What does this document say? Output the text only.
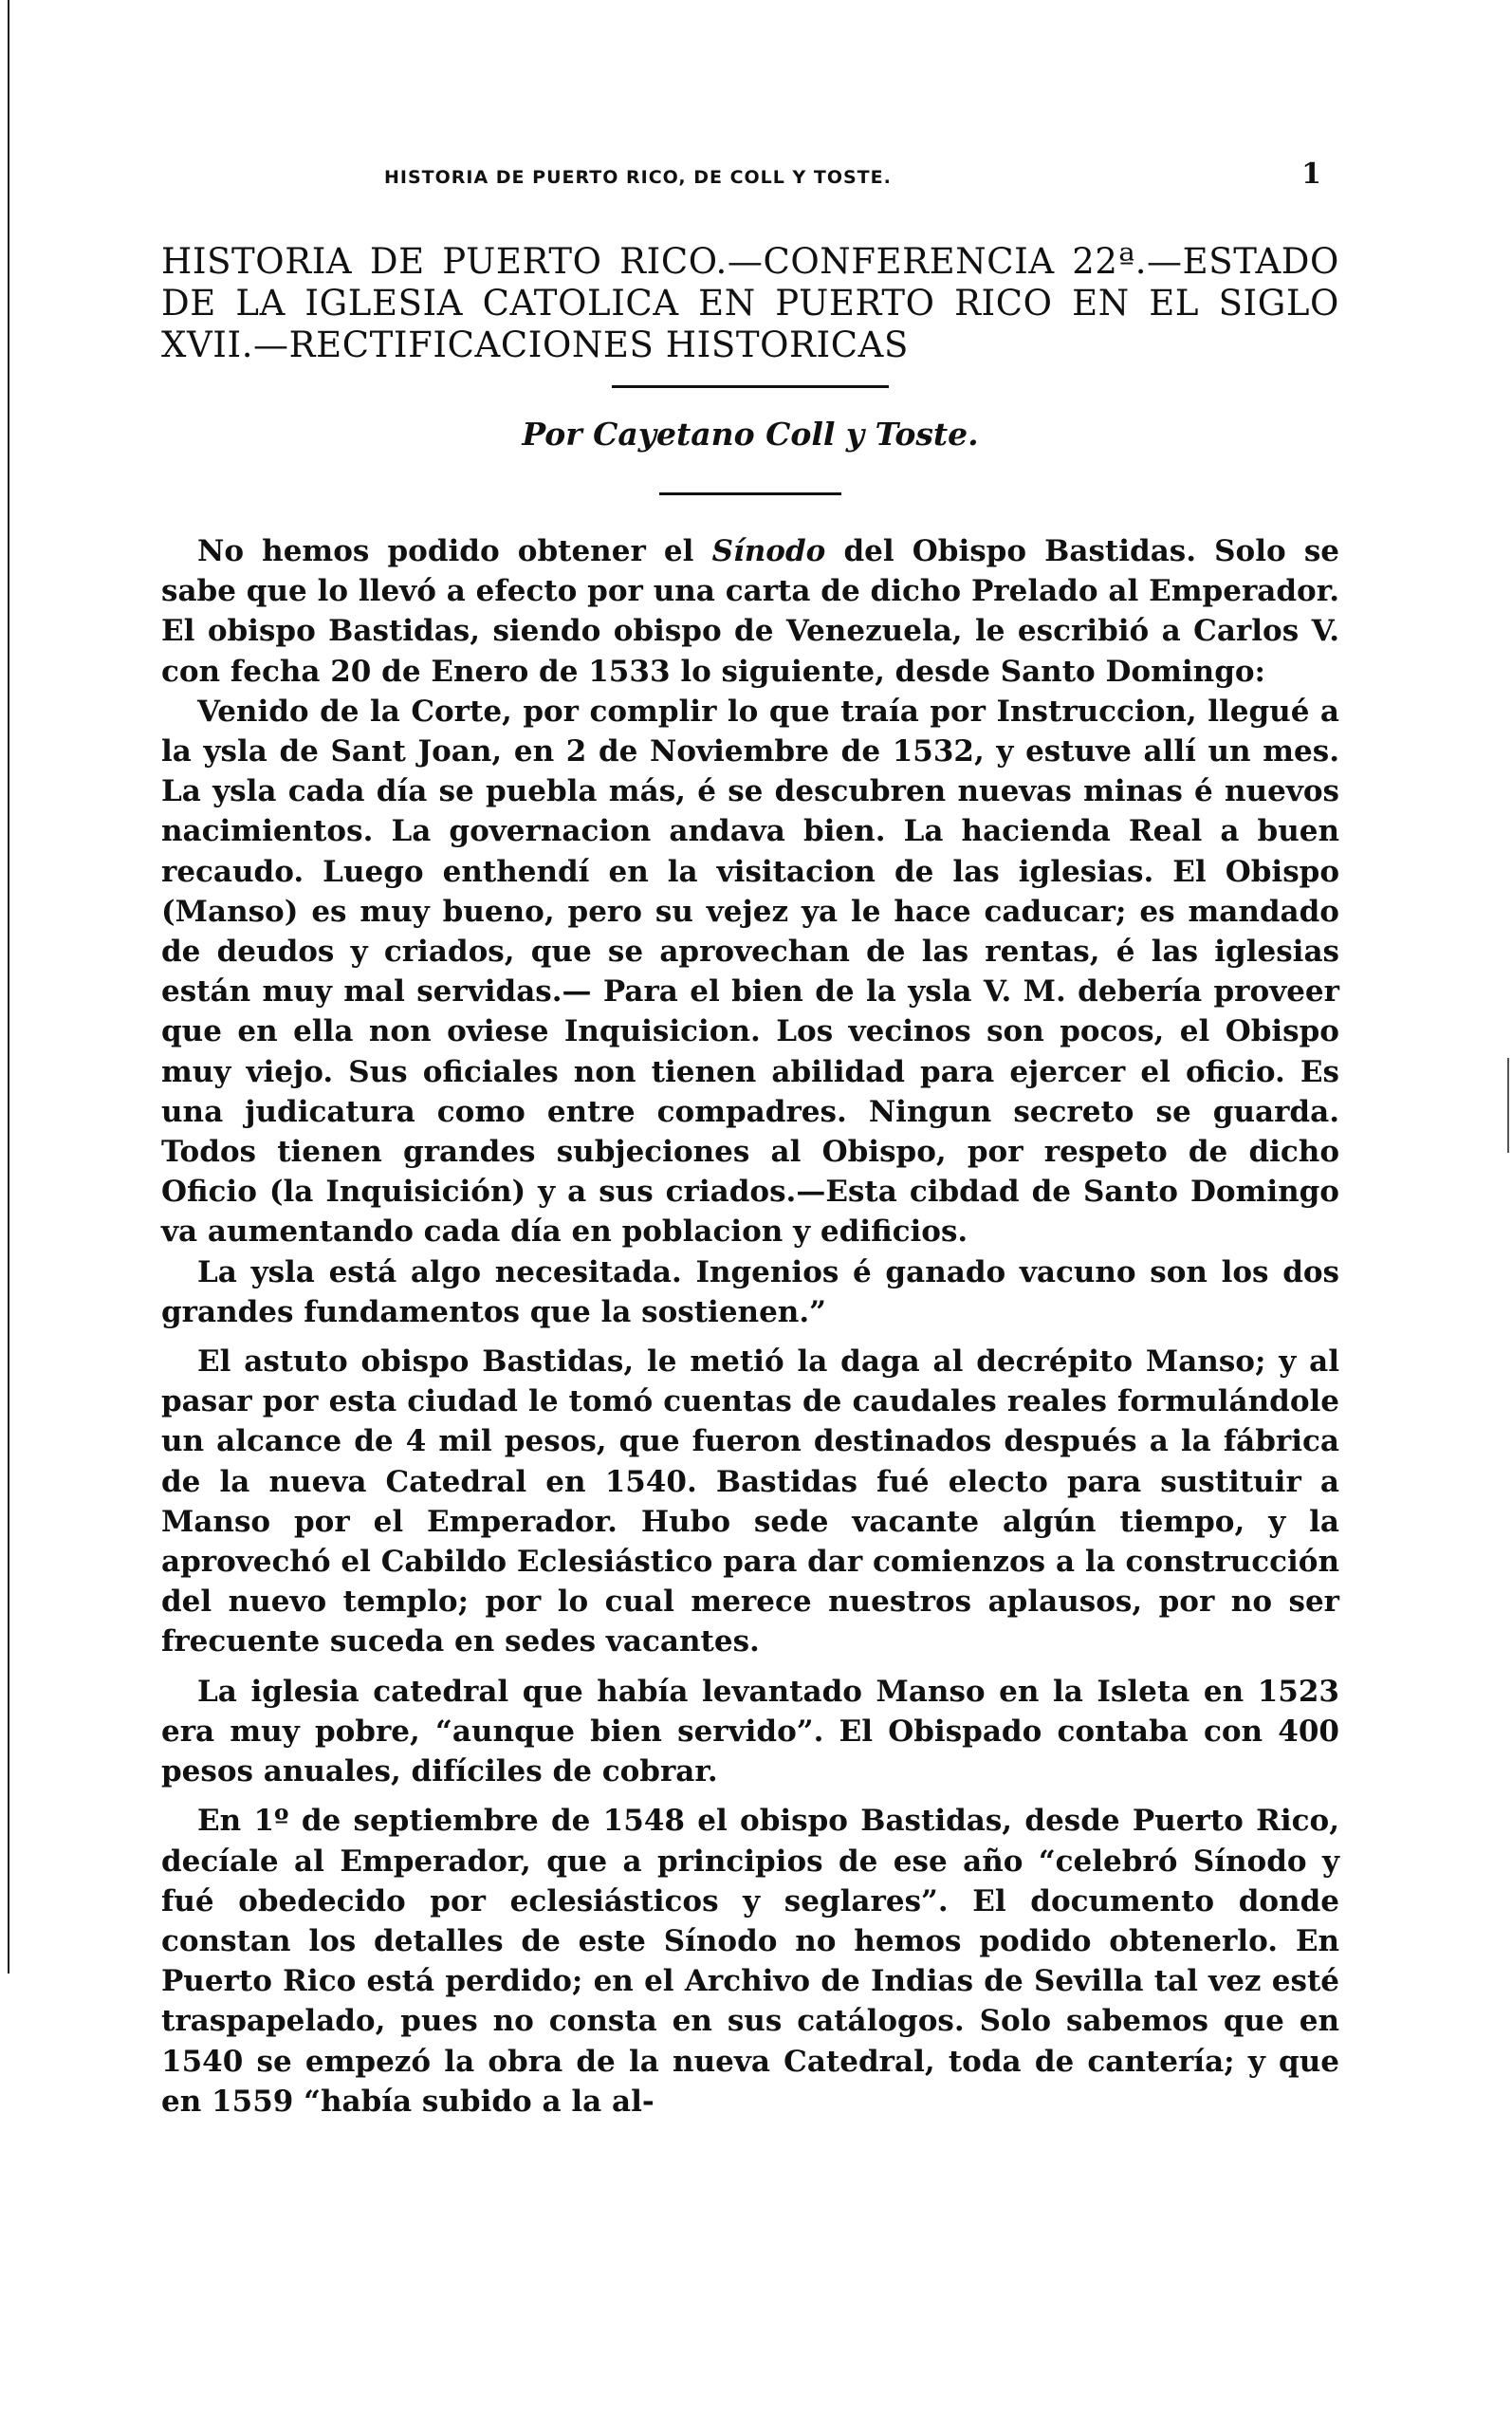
HISTORIA DE PUERTO RICO, DE COLL Y TOSTE.	1
HISTORIA DE PUERTO RICO.—CONFERENCIA 22ª.—ESTADO DE LA IGLESIA CATOLICA EN PUERTO RICO EN EL SIGLO XVII.—RECTIFICACIONES HISTORICAS
Por Cayetano Coll y Toste.

No hemos podido obtener el Sínodo del Obispo Bastidas. Solo se sabe que lo llevó a efecto por una carta de dicho Prelado al Emperador. El obispo Bastidas, siendo obispo de Venezuela, le escribió a Carlos V. con fecha 20 de Enero de 1533 lo siguiente, desde Santo Domingo:

Venido de la Corte, por complir lo que traía por Instruccion, llegué a la ysla de Sant Joan, en 2 de Noviembre de 1532, y estuve allí un mes. La ysla cada día se puebla más, é se descubren nuevas minas é nuevos nacimientos. La governacion andava bien. La hacienda Real a buen recaudo. Luego enthendí en la visitacion de las iglesias. El Obispo (Manso) es muy bueno, pero su vejez ya le hace caducar; es mandado de deudos y criados, que se aprovechan de las rentas, é las iglesias están muy mal servidas.— Para el bien de la ysla V. M. debería proveer que en ella non oviese Inquisicion. Los vecinos son pocos, el Obispo muy viejo. Sus oficiales non tienen abilidad para ejercer el oficio. Es una judicatura como entre compadres. Ningun secreto se guarda. Todos tienen grandes subjeciones al Obispo, por respeto de dicho Oficio (la Inquisición) y a sus criados.—Esta cibdad de Santo Domingo va aumentando cada día en poblacion y edificios.

La ysla está algo necesitada. Ingenios é ganado vacuno son los dos grandes fundamentos que la sostienen.”

El astuto obispo Bastidas, le metió la daga al decrépito Manso; y al pasar por esta ciudad le tomó cuentas de caudales reales formulándole un alcance de 4 mil pesos, que fueron destinados después a la fábrica de la nueva Catedral en 1540. Bastidas fué electo para sustituir a Manso por el Emperador. Hubo sede vacante algún tiempo, y la aprovechó el Cabildo Eclesiástico para dar comienzos a la construcción del nuevo templo; por lo cual merece nuestros aplausos, por no ser frecuente suceda en sedes vacantes.

La iglesia catedral que había levantado Manso en la Isleta en 1523 era muy pobre, “aunque bien servido”. El Obispado contaba con 400 pesos anuales, difíciles de cobrar.

En 1º de septiembre de 1548 el obispo Bastidas, desde Puerto Rico, decíale al Emperador, que a principios de ese año “celebró Sínodo y fué obedecido por eclesiásticos y seglares”. El documento donde constan los detalles de este Sínodo no hemos podido obtenerlo. En Puerto Rico está perdido; en el Archivo de Indias de Sevilla tal vez esté traspapelado, pues no consta en sus catálogos. Solo sabemos que en 1540 se empezó la obra de la nueva Catedral, toda de cantería; y que en 1559 “había subido a la al-
